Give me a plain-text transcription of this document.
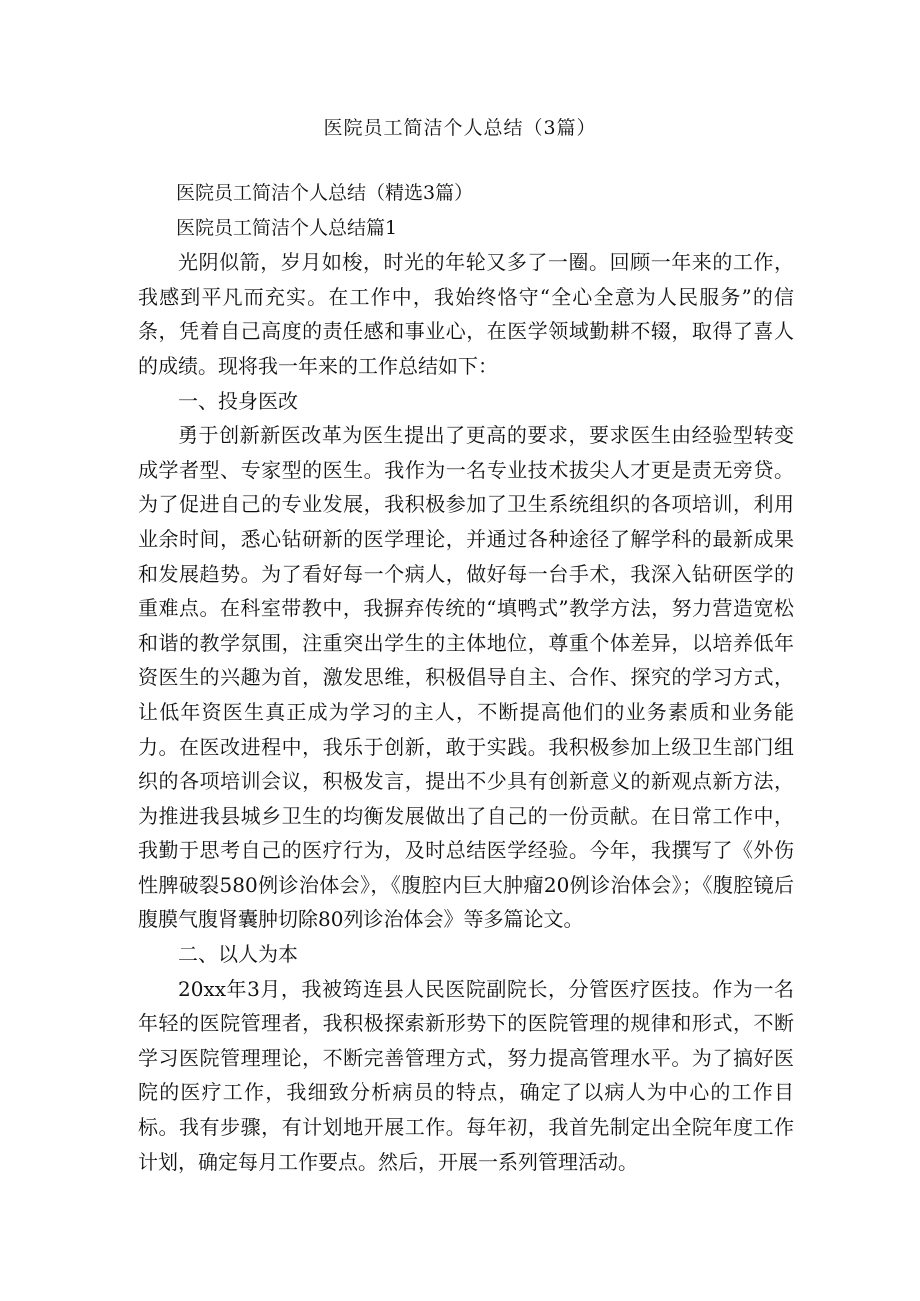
医院员工简洁个人总结（3篇）

医院员工简洁个人总结（精选3篇）

医院员工简洁个人总结篇1

光阴似箭，岁月如梭，时光的年轮又多了一圈。回顾一年来的工作，我感到平凡而充实。在工作中，我始终恪守“全心全意为人民服务”的信条，凭着自己高度的责任感和事业心，在医学领域勤耕不辍，取得了喜人的成绩。现将我一年来的工作总结如下：

一、投身医改

勇于创新新医改革为医生提出了更高的要求，要求医生由经验型转变成学者型、专家型的医生。我作为一名专业技术拔尖人才更是责无旁贷。为了促进自己的专业发展，我积极参加了卫生系统组织的各项培训，利用业余时间，悉心钻研新的医学理论，并通过各种途径了解学科的最新成果和发展趋势。为了看好每一个病人，做好每一台手术，我深入钻研医学的重难点。在科室带教中，我摒弃传统的“填鸭式”教学方法，努力营造宽松和谐的教学氛围，注重突出学生的主体地位，尊重个体差异，以培养低年资医生的兴趣为首，激发思维，积极倡导自主、合作、探究的学习方式，让低年资医生真正成为学习的主人，不断提高他们的业务素质和业务能力。在医改进程中，我乐于创新，敢于实践。我积极参加上级卫生部门组织的各项培训会议，积极发言，提出不少具有创新意义的新观点新方法，为推进我县城乡卫生的均衡发展做出了自己的一份贡献。在日常工作中，我勤于思考自己的医疗行为，及时总结医学经验。今年，我撰写了《外伤性脾破裂580例诊治体会》，《腹腔内巨大肿瘤20例诊治体会》；《腹腔镜后腹膜气腹肾囊肿切除80列诊治体会》等多篇论文。

二、以人为本

20xx年3月，我被筠连县人民医院副院长，分管医疗医技。作为一名年轻的医院管理者，我积极探索新形势下的医院管理的规律和形式，不断学习医院管理理论，不断完善管理方式，努力提高管理水平。为了搞好医院的医疗工作，我细致分析病员的特点，确定了以病人为中心的工作目标。我有步骤，有计划地开展工作。每年初，我首先制定出全院年度工作计划，确定每月工作要点。然后，开展一系列管理活动。
